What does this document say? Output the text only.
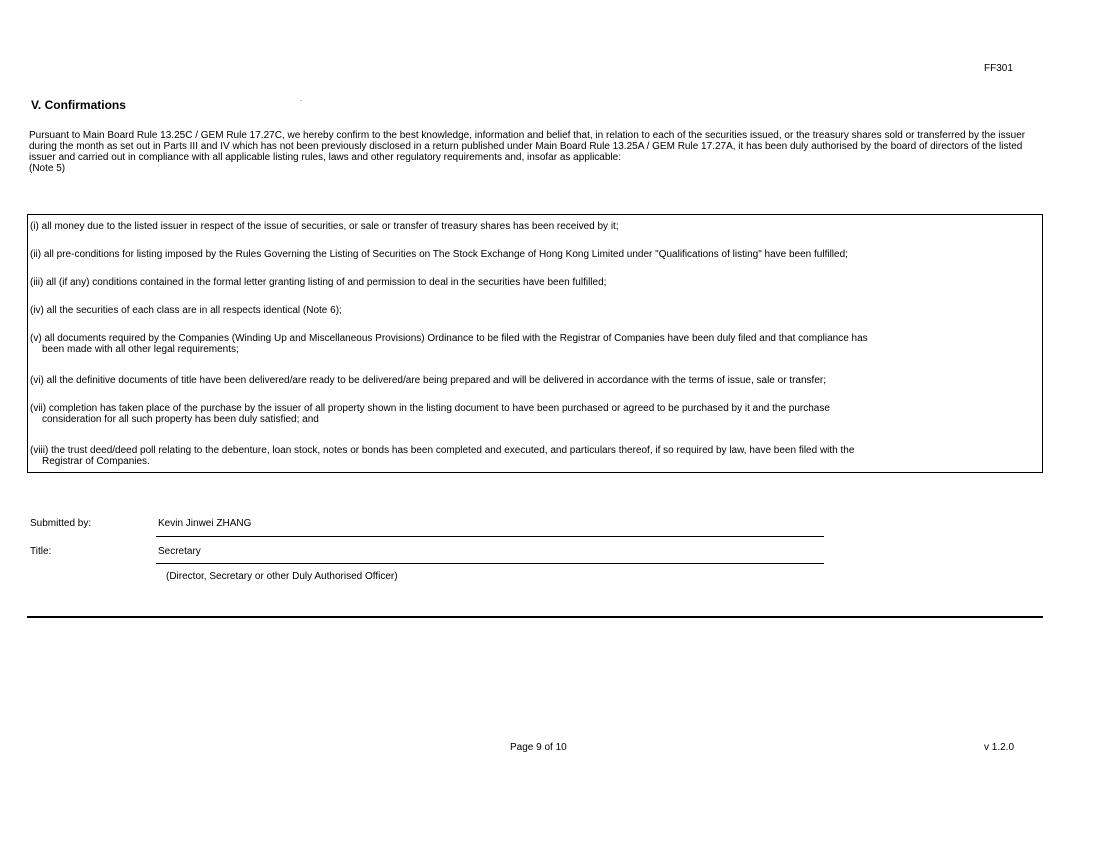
FF301
.
V. Confirmations
Pursuant to Main Board Rule 13.25C / GEM Rule 17.27C, we hereby confirm to the best knowledge, information and belief that, in relation to each of the securities issued, or the treasury shares sold or transferred by the issuer during the month as set out in Parts III and IV which has not been previously disclosed in a return published under Main Board Rule 13.25A / GEM Rule 17.27A, it has been duly authorised by the board of directors of the listed issuer and carried out in compliance with all applicable listing rules, laws and other regulatory requirements and, insofar as applicable:
(Note 5)
(i) all money due to the listed issuer in respect of the issue of securities, or sale or transfer of treasury shares has been received by it;
(ii) all pre-conditions for listing imposed by the Rules Governing the Listing of Securities on The Stock Exchange of Hong Kong Limited under "Qualifications of listing" have been fulfilled;
(iii) all (if any) conditions contained in the formal letter granting listing of and permission to deal in the securities have been fulfilled;
(iv) all the securities of each class are in all respects identical (Note 6);
(v) all documents required by the Companies (Winding Up and Miscellaneous Provisions) Ordinance to be filed with the Registrar of Companies have been duly filed and that compliance has
been made with all other legal requirements;
(vi) all the definitive documents of title have been delivered/are ready to be delivered/are being prepared and will be delivered in accordance with the terms of issue, sale or transfer;
(vii) completion has taken place of the purchase by the issuer of all property shown in the listing document to have been purchased or agreed to be purchased by it and the purchase
consideration for all such property has been duly satisfied; and
(viii) the trust deed/deed poll relating to the debenture, loan stock, notes or bonds has been completed and executed, and particulars thereof, if so required by law, have been filed with the
Registrar of Companies.
Submitted by:	Kevin Jinwei ZHANG
Title:	Secretary
(Director, Secretary or other Duly Authorised Officer)
Page 9 of 10	v 1.2.0
